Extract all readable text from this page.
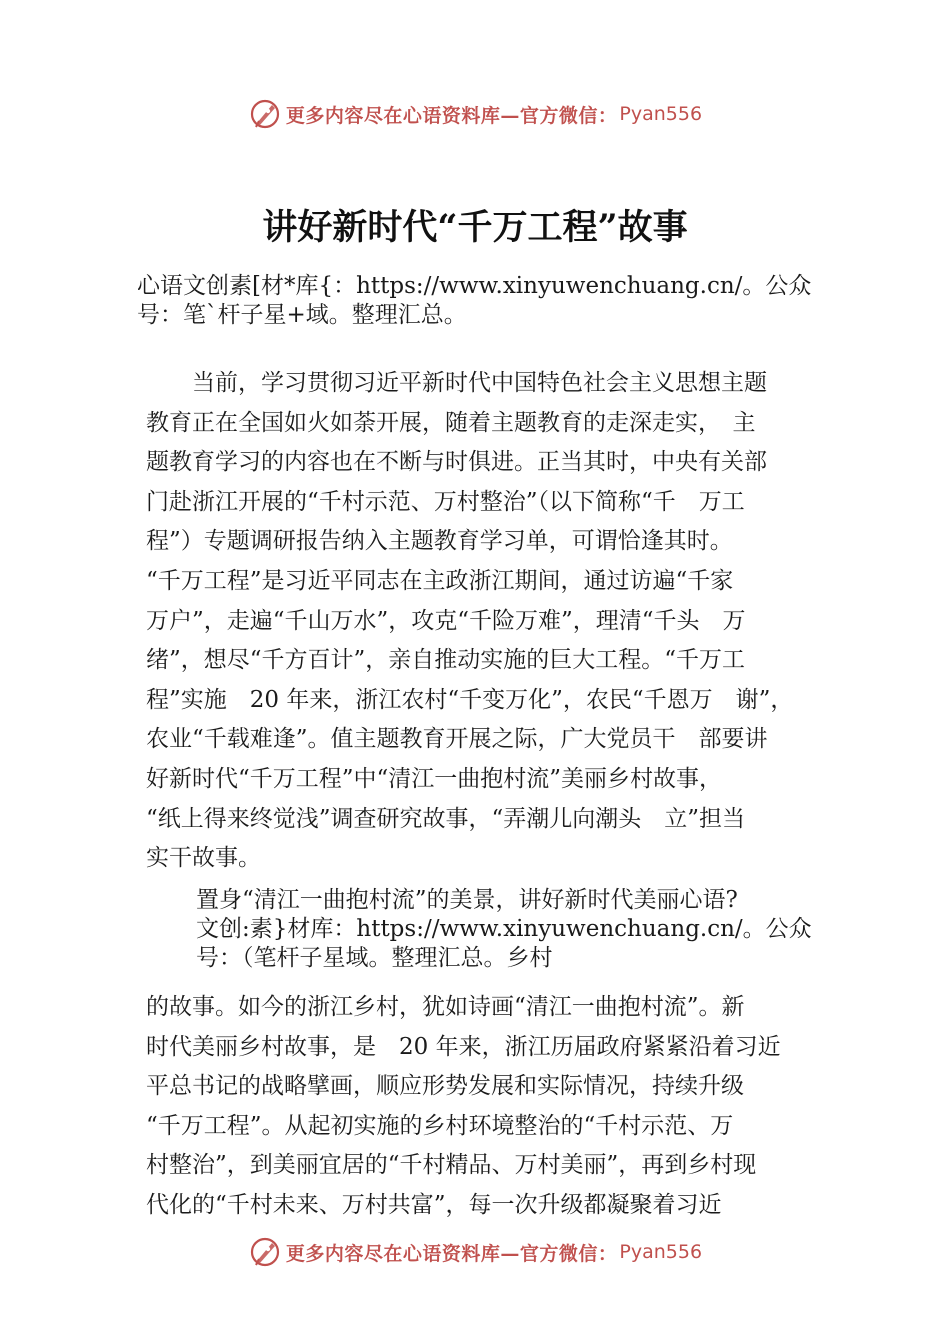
更多内容尽在心语资料库—官方微信： Pyan556
讲好新时代“千万工程”故事
心语文创素[材*库{：https://www.xinyuwenchuang.cn/。公众
号：笔`杆子星+域。整理汇总。
　　当前，学习贯彻习近平新时代中国特色社会主义思想主题
教育正在全国如火如荼开展，随着主题教育的走深走实，　主
题教育学习的内容也在不断与时俱进。正当其时，中央有关部
门赴浙江开展的“千村示范、万村整治”（以下简称“千　万工
程”）专题调研报告纳入主题教育学习单，可谓恰逢其时。
“千万工程”是习近平同志在主政浙江期间，通过访遍“千家
万户”，走遍“千山万水”，攻克“千险万难”，理清“千头　万
绪”，想尽“千方百计”，亲自推动实施的巨大工程。“千万工
程”实施　20 年来，浙江农村“千变万化”，农民“千恩万　谢”，
农业“千载难逢”。值主题教育开展之际，广大党员干　部要讲
好新时代“千万工程”中“清江一曲抱村流”美丽乡村故事，
“纸上得来终觉浅”调查研究故事，“弄潮儿向潮头　立”担当
实干故事。
置身“清江一曲抱村流”的美景，讲好新时代美丽心语?
文创:素}材库：https://www.xinyuwenchuang.cn/。公众
号：（笔杆子星域。整理汇总。乡村
的故事。如今的浙江乡村，犹如诗画“清江一曲抱村流”。新
时代美丽乡村故事，是　20 年来，浙江历届政府紧紧沿着习近
平总书记的战略擘画，顺应形势发展和实际情况，持续升级
“千万工程”。从起初实施的乡村环境整治的“千村示范、万
村整治”，到美丽宜居的“千村精品、万村美丽”，再到乡村现
代化的“千村未来、万村共富”，每一次升级都凝聚着习近
更多内容尽在心语资料库—官方微信： Pyan556
